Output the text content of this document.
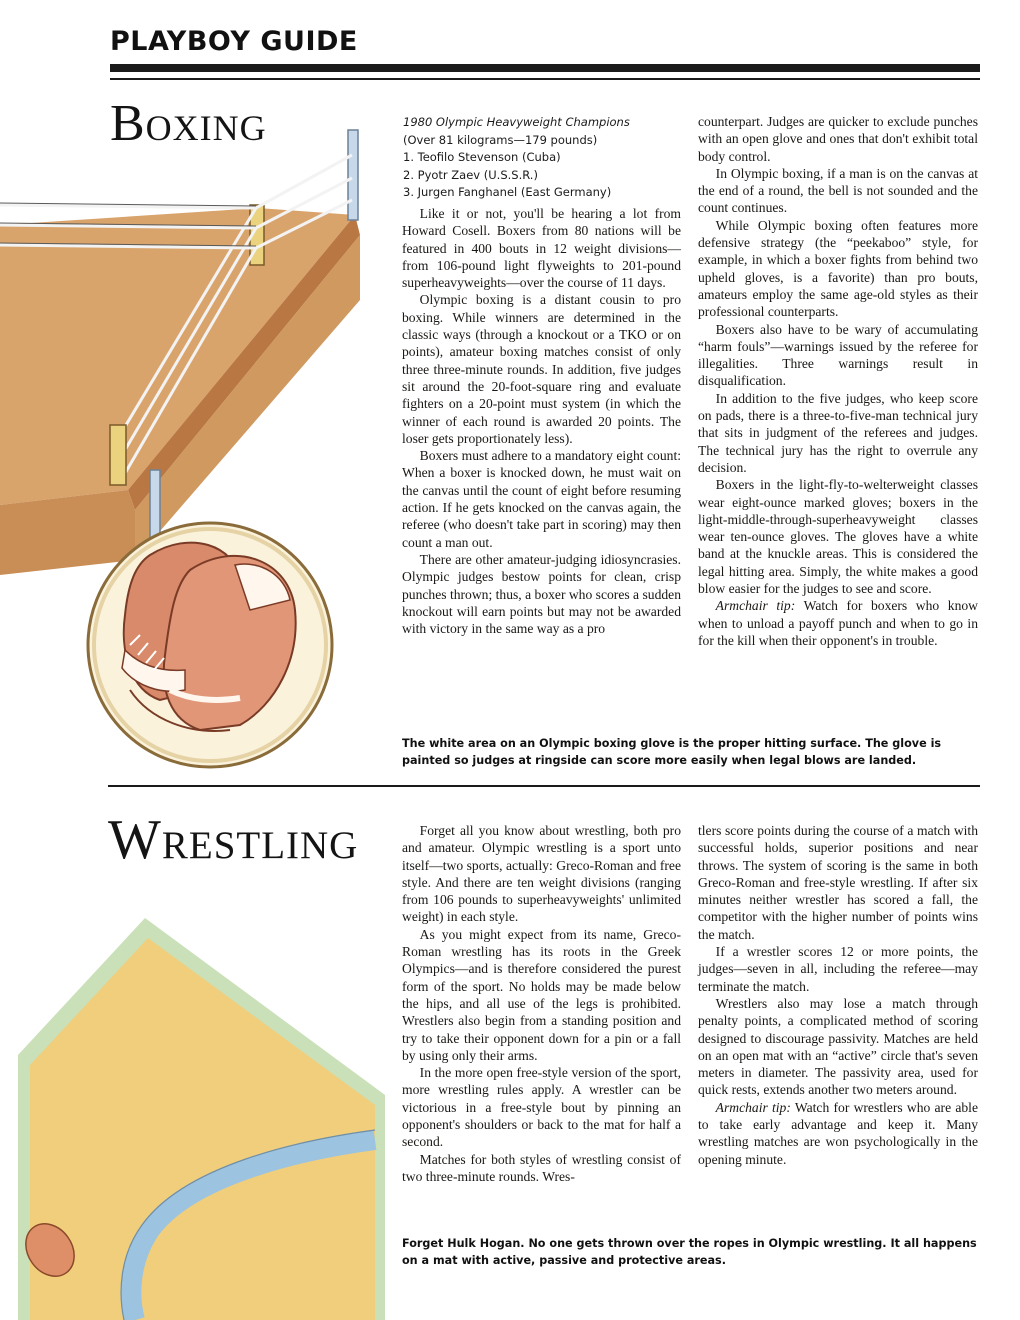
PLAYBOY GUIDE
Boxing	1980 Olympic Heavyweight Champions
(Over 81 kilograms—179 pounds)
1. Teofilo Stevenson (Cuba)
2. Pyotr Zaev (U.S.S.R.)
3. Jurgen Fanghanel (East Germany)

Like it or not, you'll be hearing a lot from Howard Cosell. Boxers from 80 nations will be featured in 400 bouts in 12 weight divisions—from 106-pound light flyweights to 201-pound superheavyweights—over the course of 11 days.

Olympic boxing is a distant cousin to pro boxing. While winners are determined in the classic ways (through a knockout or a TKO or on points), amateur boxing matches consist of only three three-minute rounds. In addition, five judges sit around the 20-foot-square ring and evaluate fighters on a 20-point must system (in which the winner of each round is awarded 20 points. The loser gets proportionately less).

Boxers must adhere to a mandatory eight count: When a boxer is knocked down, he must wait on the canvas until the count of eight before resuming action. If he gets knocked on the canvas again, the referee (who doesn't take part in scoring) may then count a man out.

There are other amateur-judging idiosyncrasies. Olympic judges bestow points for clean, crisp punches thrown; thus, a boxer who scores a sudden knockout will earn points but may not be awarded with victory in the same way as a pro

counterpart. Judges are quicker to exclude punches with an open glove and ones that don't exhibit total body control.

In Olympic boxing, if a man is on the canvas at the end of a round, the bell is not sounded and the count continues.

While Olympic boxing often features more defensive strategy (the “peekaboo” style, for example, in which a boxer fights from behind two upheld gloves, is a favorite) than pro bouts, amateurs employ the same age-old styles as their professional counterparts.

Boxers also have to be wary of accumulating “harm fouls”—warnings issued by the referee for illegalities. Three warnings result in disqualification.

In addition to the five judges, who keep score on pads, there is a three-to-five-man technical jury that sits in judgment of the referees and judges. The technical jury has the right to overrule any decision.

Boxers in the light-fly-to-welterweight classes wear eight-ounce marked gloves; boxers in the light-middle-through-superheavyweight classes wear ten-ounce gloves. The gloves have a white band at the knuckle areas. This is considered the legal hitting area. Simply, the white makes a good blow easier for the judges to see and score.

Armchair tip: Watch for boxers who know when to unload a payoff punch and when to go in for the kill when their opponent's in trouble.

The white area on an Olympic boxing glove is the proper hitting surface. The glove is painted so judges at ringside can score more easily when legal blows are landed.
Wrestling	Forget all you know about wrestling, both pro and amateur. Olympic wrestling is a sport unto itself—two sports, actually: Greco-Roman and free style. And there are ten weight divisions (ranging from 106 pounds to superheavyweights' unlimited weight) in each style.

As you might expect from its name, Greco-Roman wrestling has its roots in the Greek Olympics—and is therefore considered the purest form of the sport. No holds may be made below the hips, and all use of the legs is prohibited. Wrestlers also begin from a standing position and try to take their opponent down for a pin or a fall by using only their arms.

In the more open free-style version of the sport, more wrestling rules apply. A wrestler can be victorious in a free-style bout by pinning an opponent's shoulders or back to the mat for half a second.

Matches for both styles of wrestling consist of two three-minute rounds. Wres-

tlers score points during the course of a match with successful holds, superior positions and near throws. The system of scoring is the same in both Greco-Roman and free-style wrestling. If after six minutes neither wrestler has scored a fall, the competitor with the higher number of points wins the match.

If a wrestler scores 12 or more points, the judges—seven in all, including the referee—may terminate the match.

Wrestlers also may lose a match through penalty points, a complicated method of scoring designed to discourage passivity. Matches are held on an open mat with an “active” circle that's seven meters in diameter. The passivity area, used for quick rests, extends another two meters around.

Armchair tip: Watch for wrestlers who are able to take early advantage and keep it. Many wrestling matches are won psychologically in the opening minute.

Forget Hulk Hogan. No one gets thrown over the ropes in Olympic wrestling. It all happens on a mat with active, passive and protective areas.
